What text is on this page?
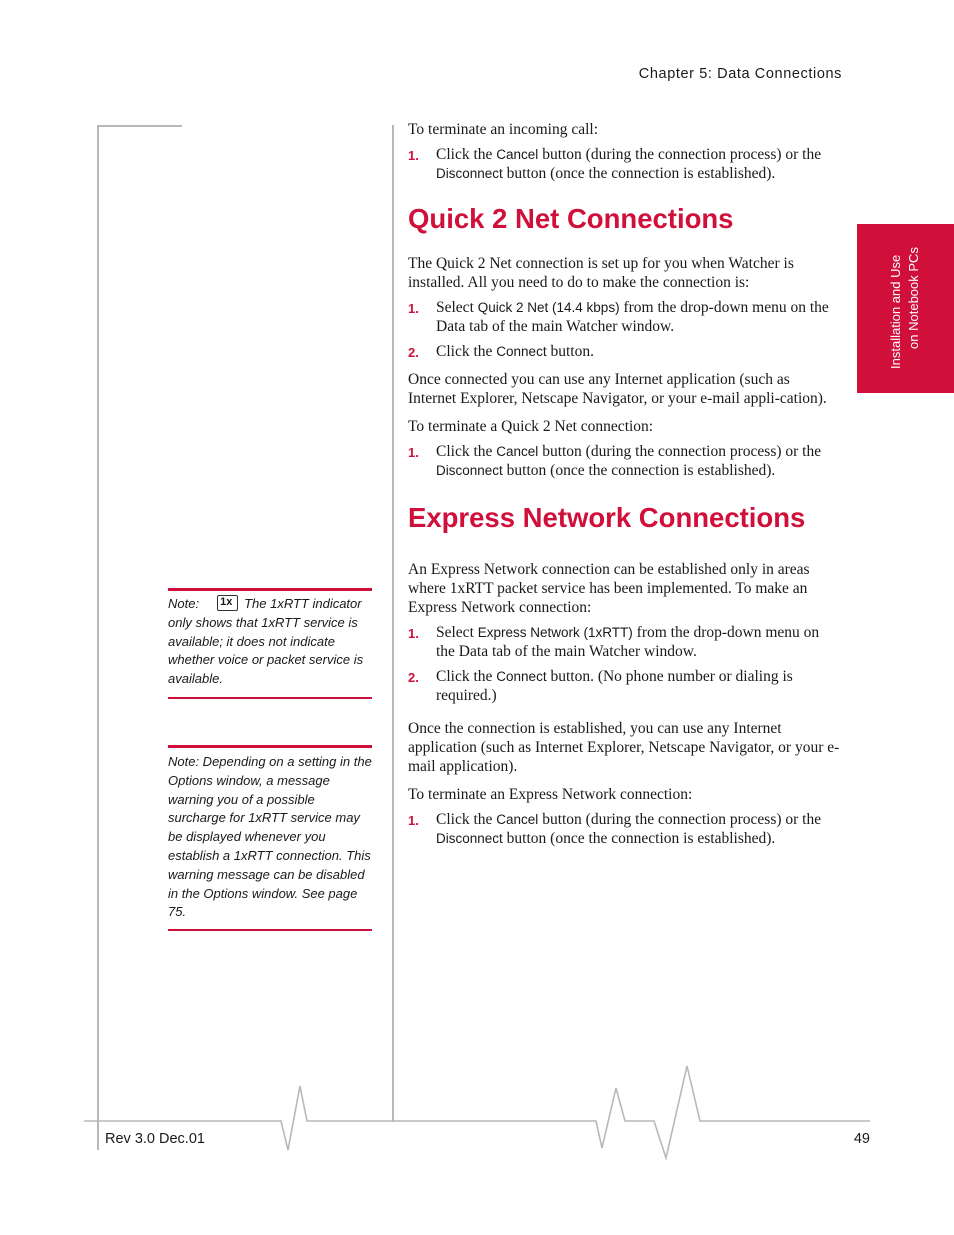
Chapter 5: Data Connections
Installation and Use on Notebook PCs

To terminate an incoming call:

1. Click the Cancel button (during the connection process) or the Disconnect button (once the connection is established).
Quick 2 Net Connections

The Quick 2 Net connection is set up for you when Watcher is installed. All you need to do to make the connection is:

1. Select Quick 2 Net (14.4 kbps) from the drop-down menu on the Data tab of the main Watcher window.
2. Click the Connect button.

Once connected you can use any Internet application (such as Internet Explorer, Netscape Navigator, or your e-mail appli-cation).

To terminate a Quick 2 Net connection:

1. Click the Cancel button (during the connection process) or the Disconnect button (once the connection is established).
Express Network Connections

An Express Network connection can be established only in areas where 1xRTT packet service has been implemented. To make an Express Network connection:

1. Select Express Network (1xRTT) from the drop-down menu on the Data tab of the main Watcher window.
2. Click the Connect button. (No phone number or dialing is required.)

Once the connection is established, you can use any Internet application (such as Internet Explorer, Netscape Navigator, or your e-mail application).

To terminate an Express Network connection:

1. Click the Cancel button (during the connection process) or the Disconnect button (once the connection is established).
Note: 1x The 1xRTT indicator only shows that 1xRTT service is available; it does not indicate whether voice or packet service is available.
Note: Depending on a setting in the Options window, a message warning you of a possible surcharge for 1xRTT service may be displayed whenever you establish a 1xRTT connection. This warning message can be disabled in the Options window. See page 75.
Rev 3.0 Dec.01	49
